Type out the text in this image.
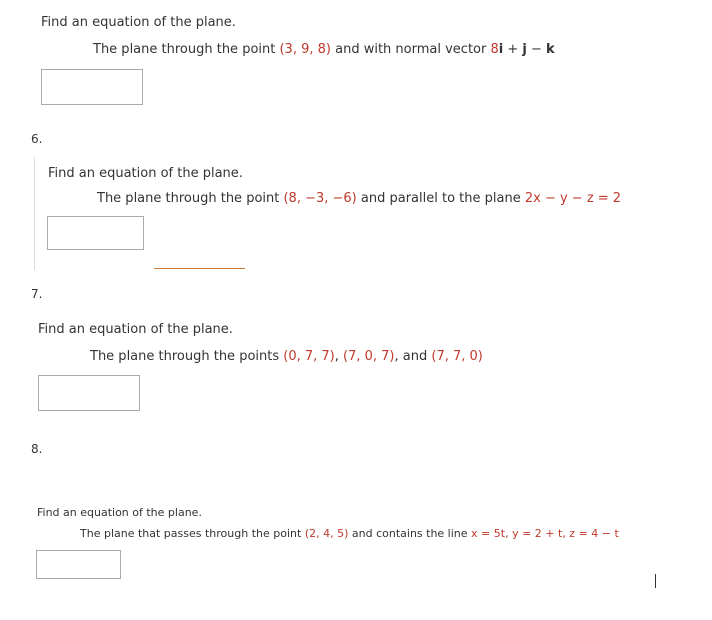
Find an equation of the plane.
The plane through the point (3, 9, 8) and with normal vector 8i + j − k
6.
Find an equation of the plane.
The plane through the point (8, −3, −6) and parallel to the plane 2x − y − z = 2
7.
Find an equation of the plane.
The plane through the points (0, 7, 7), (7, 0, 7), and (7, 7, 0)
8.
Find an equation of the plane.
The plane that passes through the point (2, 4, 5) and contains the line x = 5t, y = 2 + t, z = 4 − t
